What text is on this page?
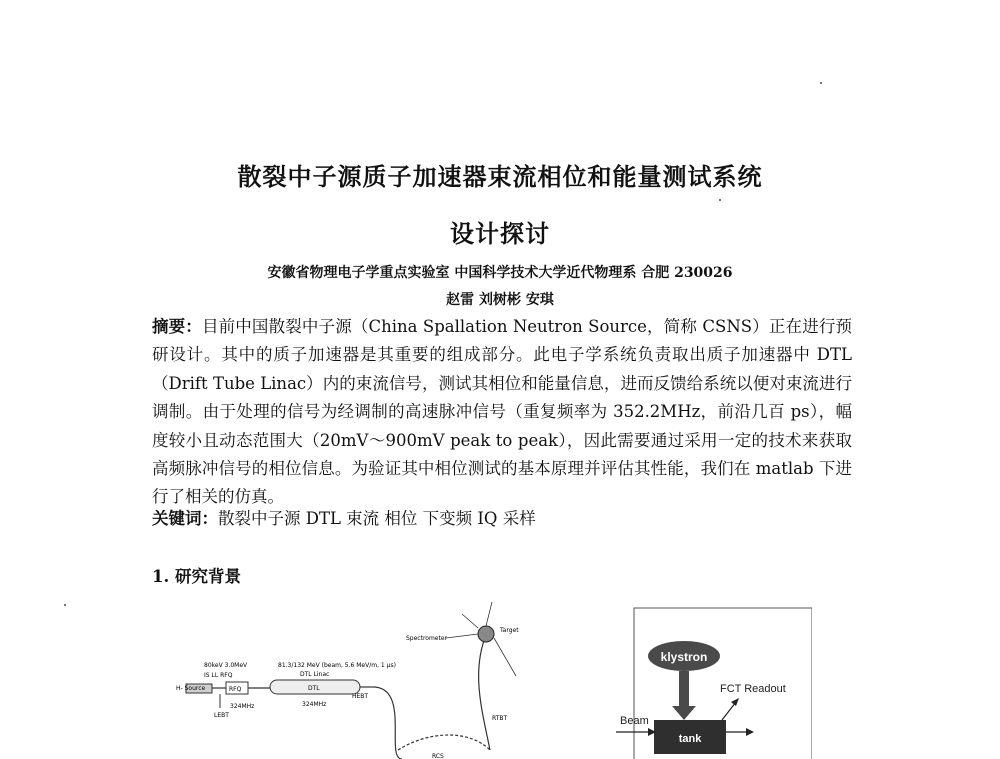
散裂中子源质子加速器束流相位和能量测试系统
设计探讨
安徽省物理电子学重点实验室 中国科学技术大学近代物理系 合肥 230026
赵雷 刘树彬 安琪
摘要：目前中国散裂中子源（China Spallation Neutron Source，简称 CSNS）正在进行预研设计。其中的质子加速器是其重要的组成部分。此电子学系统负责取出质子加速器中 DTL（Drift Tube Linac）内的束流信号，测试其相位和能量信息，进而反馈给系统以便对束流进行调制。由于处理的信号为经调制的高速脉冲信号（重复频率为 352.2MHz，前沿几百 ps），幅度较小且动态范围大（20mV～900mV peak to peak），因此需要通过采用一定的技术来获取高频脉冲信号的相位信息。为验证其中相位测试的基本原理并评估其性能，我们在 matlab 下进行了相关的仿真。
关键词：散裂中子源 DTL 束流 相位 下变频 IQ 采样
1. 研究背景
H- Source	RFQ
80keV 3.0MeV
IS LL RFQ
324MHz
LEBT
DTL
81.3/132 MeV (beam, 5.6 MeV/m, 1 μs)
DTL Linac
324MHz
HEBT
RCS
RTBT
Target
Spectrometer
klystron
tank
Beam
FCT Readout
